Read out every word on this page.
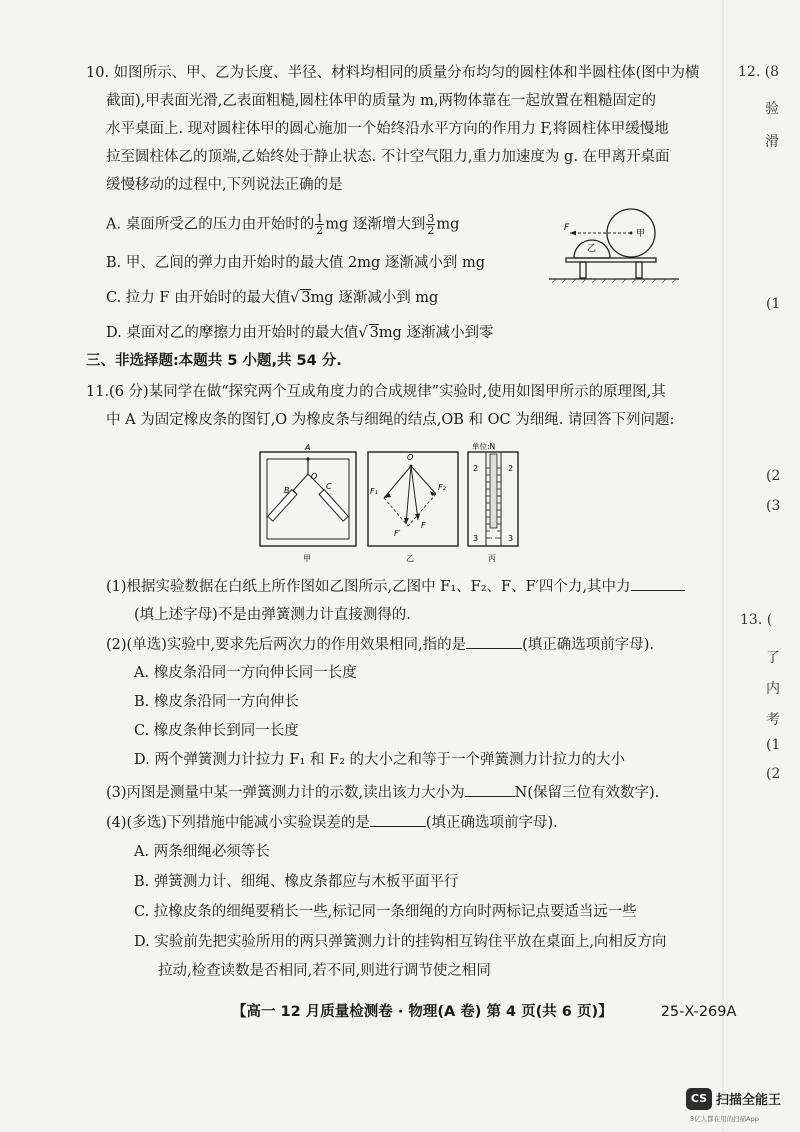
10. 如图所示、甲、乙为长度、半径、材料均相同的质量分布均匀的圆柱体和半圆柱体(图中为横
截面),甲表面光滑,乙表面粗糙,圆柱体甲的质量为 m,两物体靠在一起放置在粗糙固定的
水平桌面上. 现对圆柱体甲的圆心施加一个始终沿水平方向的作用力 F,将圆柱体甲缓慢地
拉至圆柱体乙的顶端,乙始终处于静止状态. 不计空气阻力,重力加速度为 g. 在甲离开桌面
缓慢移动的过程中,下列说法正确的是
A. 桌面所受乙的压力由开始时的 $\frac{1}{2}$ mg 逐渐增大到 $\frac{3}{2}$ mg
B. 甲、乙间的弹力由开始时的最大值 2mg 逐渐减小到 mg
C. 拉力 F 由开始时的最大值√ 3mg 逐渐减小到 mg
D. 桌面对乙的摩擦力由开始时的最大值√ 3mg 逐渐减小到零
F
甲
乙
三、非选择题:本题共 5 小题,共 54 分.
11.(6 分)某同学在做“探究两个互成角度力的合成规律”实验时,使用如图甲所示的原理图,其
中 A 为固定橡皮条的图钉,O 为橡皮条与细绳的结点,OB 和 OC 为细绳. 请回答下列问题:
A
O
B	C
甲
O
F₁	F₂
F′
F
乙
单位:N
2	2
3	3
丙
(1)根据实验数据在白纸上所作图如乙图所示,乙图中 F₁、F₂、F、F′四个力,其中力
(填上述字母)不是由弹簧测力计直接测得的.
(2)(单选)实验中,要求先后两次力的作用效果相同,指的是	(填正确选项前字母).
A. 橡皮条沿同一方向伸长同一长度
B. 橡皮条沿同一方向伸长
C. 橡皮条伸长到同一长度
D. 两个弹簧测力计拉力 F₁ 和 F₂ 的大小之和等于一个弹簧测力计拉力的大小
(3)丙图是测量中某一弹簧测力计的示数,读出该力大小为	N(保留三位有效数字).
(4)(多选)下列措施中能减小实验误差的是	(填正确选项前字母).
A. 两条细绳必须等长
B. 弹簧测力计、细绳、橡皮条都应与木板平面平行
C. 拉橡皮条的细绳要稍长一些,标记同一条细绳的方向时两标记点要适当远一些
D. 实验前先把实验所用的两只弹簧测力计的挂钩相互钩住平放在桌面上,向相反方向
拉动,检查读数是否相同,若不同,则进行调节使之相同
【高一 12 月质量检测卷 · 物理(A 卷) 第 4 页(共 6 页)】	25-X-269A
12. (8
验
滑
(1
(2
(3
13. (
了
内
考
(1
(2
CS 扫描全能王
3亿人都在用的扫描App
